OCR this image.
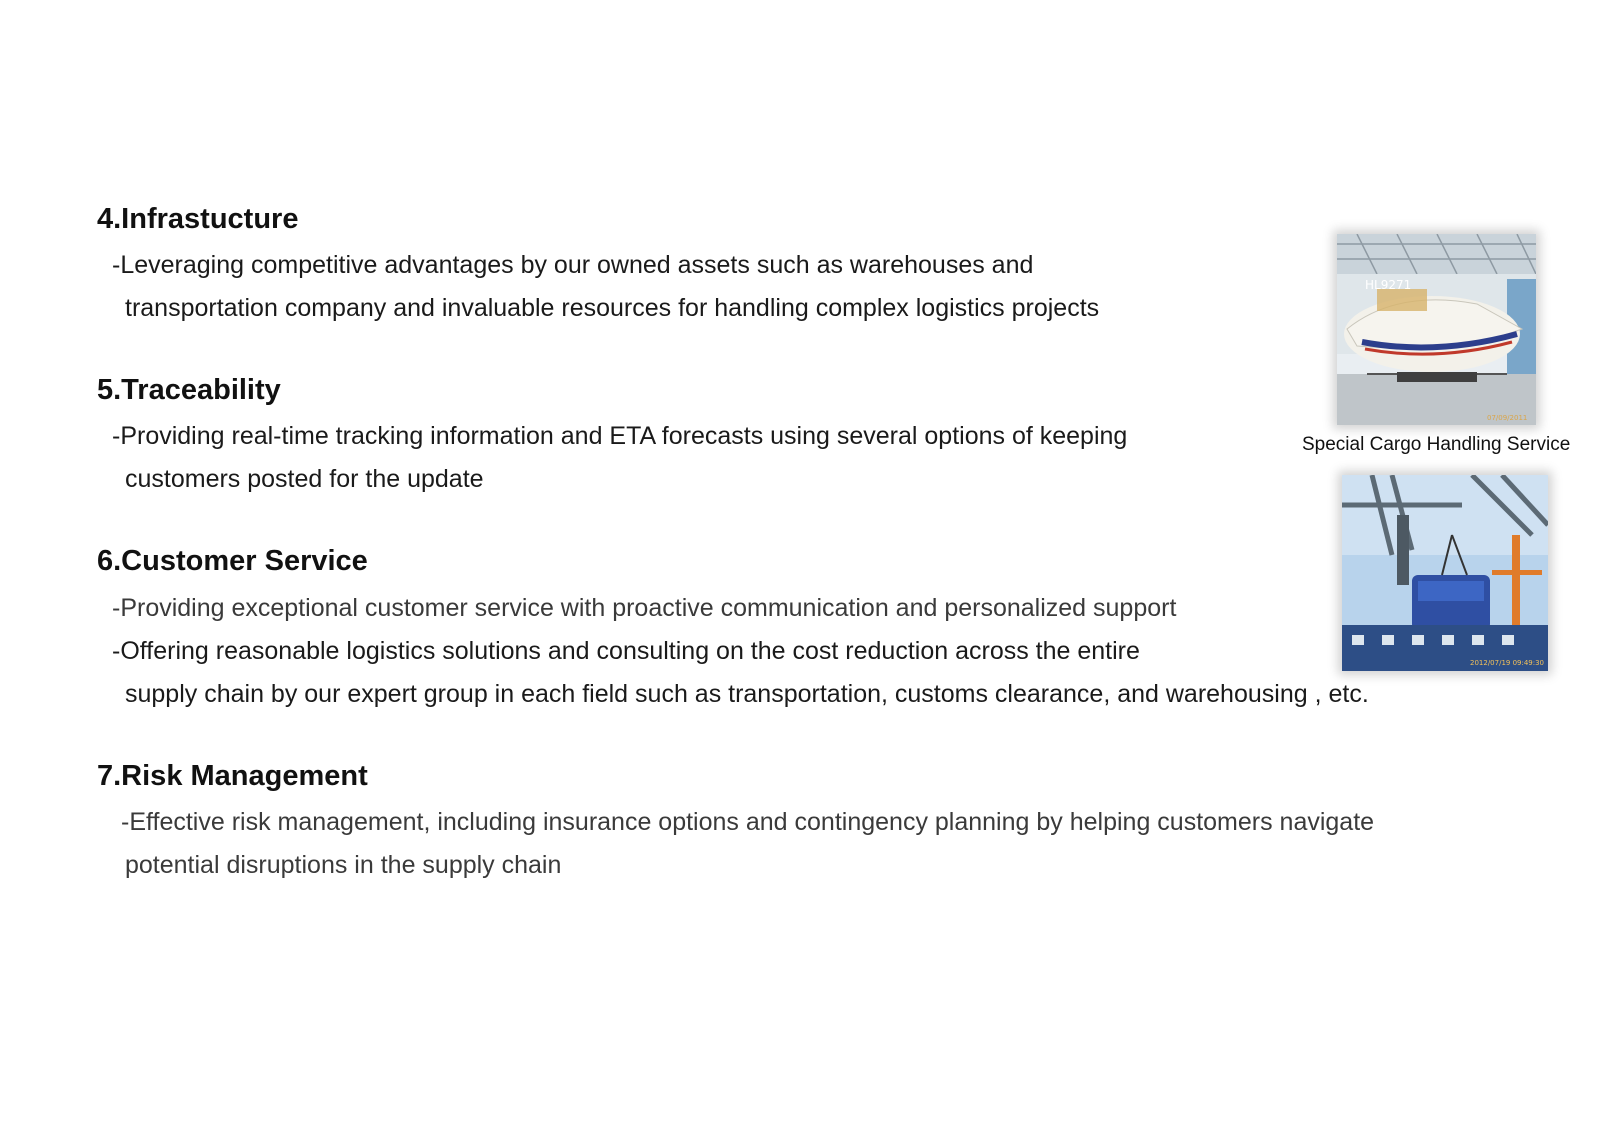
4.Infrastucture
-Leveraging competitive advantages by our owned assets such as warehouses and
transportation company and invaluable resources for handling complex logistics projects
5.Traceability
-Providing real-time tracking information and ETA forecasts using several options of keeping
customers posted for the update
6.Customer Service
-Providing exceptional customer service with proactive communication and personalized support
-Offering reasonable logistics solutions and consulting on the cost reduction across the entire
supply chain by our expert group in each field such as transportation, customs clearance, and warehousing , etc.
7.Risk Management
-Effective risk management, including insurance options and contingency planning by helping customers navigate
potential disruptions in the supply chain
HL9271
07/09/2011
Special Cargo Handling Service
2012/07/19 09:49:30
